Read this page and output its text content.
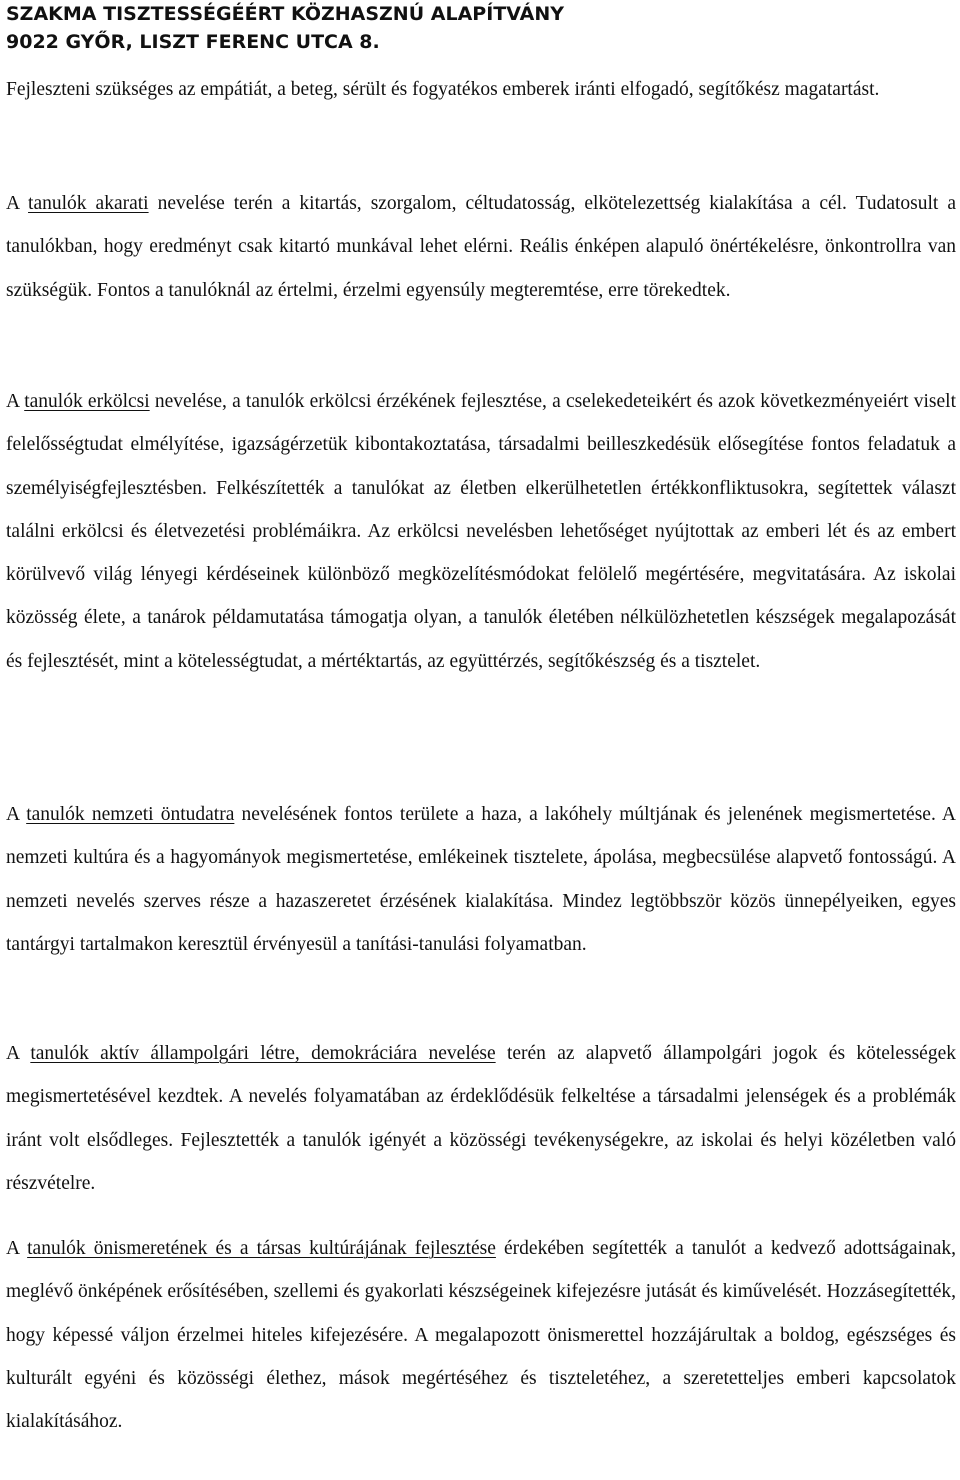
SZAKMA TISZTESSÉGÉÉRT KÖZHASZNÚ ALAPÍTVÁNY
9022 GYŐR, LISZT FERENC UTCA 8.

Fejleszteni szükséges az empátiát, a beteg, sérült és fogyatékos emberek iránti elfogadó, segítőkész magatartást.

A tanulók akarati nevelése terén a kitartás, szorgalom, céltudatosság, elkötelezettség kialakítása a cél. Tudatosult a tanulókban, hogy eredményt csak kitartó munkával lehet elérni. Reális énképen alapuló önértékelésre, önkontrollra van szükségük. Fontos a tanulóknál az értelmi, érzelmi egyensúly megteremtése, erre törekedtek.

A tanulók erkölcsi nevelése, a tanulók erkölcsi érzékének fejlesztése, a cselekedeteikért és azok következményeiért viselt felelősségtudat elmélyítése, igazságérzetük kibontakoztatása, társadalmi beilleszkedésük elősegítése fontos feladatuk a személyiségfejlesztésben. Felkészítették a tanulókat az életben elkerülhetetlen értékkonfliktusokra, segítettek választ találni erkölcsi és életvezetési problémáikra. Az erkölcsi nevelésben lehetőséget nyújtottak az emberi lét és az embert körülvevő világ lényegi kérdéseinek különböző megközelítésmódokat felölelő megértésére, megvitatására. Az iskolai közösség élete, a tanárok példamutatása támogatja olyan, a tanulók életében nélkülözhetetlen készségek megalapozását és fejlesztését, mint a kötelességtudat, a mértéktartás, az együttérzés, segítőkészség és a tisztelet.

A tanulók nemzeti öntudatra nevelésének fontos területe a haza, a lakóhely múltjának és jelenének megismertetése. A nemzeti kultúra és a hagyományok megismertetése, emlékeinek tisztelete, ápolása, megbecsülése alapvető fontosságú. A nemzeti nevelés szerves része a hazaszeretet érzésének kialakítása. Mindez legtöbbször közös ünnepélyeiken, egyes tantárgyi tartalmakon keresztül érvényesül a tanítási-tanulási folyamatban.

A tanulók aktív állampolgári létre, demokráciára nevelése terén az alapvető állampolgári jogok és kötelességek megismertetésével kezdtek. A nevelés folyamatában az érdeklődésük felkeltése a társadalmi jelenségek és a problémák iránt volt elsődleges. Fejlesztették a tanulók igényét a közösségi tevékenységekre, az iskolai és helyi közéletben való részvételre.

A tanulók önismeretének és a társas kultúrájának fejlesztése érdekében segítették a tanulót a kedvező adottságainak, meglévő önképének erősítésében, szellemi és gyakorlati készségeinek kifejezésre jutását és kiművelését. Hozzásegítették, hogy képessé váljon érzelmei hiteles kifejezésére. A megalapozott önismerettel hozzájárultak a boldog, egészséges és kulturált egyéni és közösségi élethez, mások megértéséhez és tiszteletéhez, a szeretetteljes emberi kapcsolatok kialakításához.
